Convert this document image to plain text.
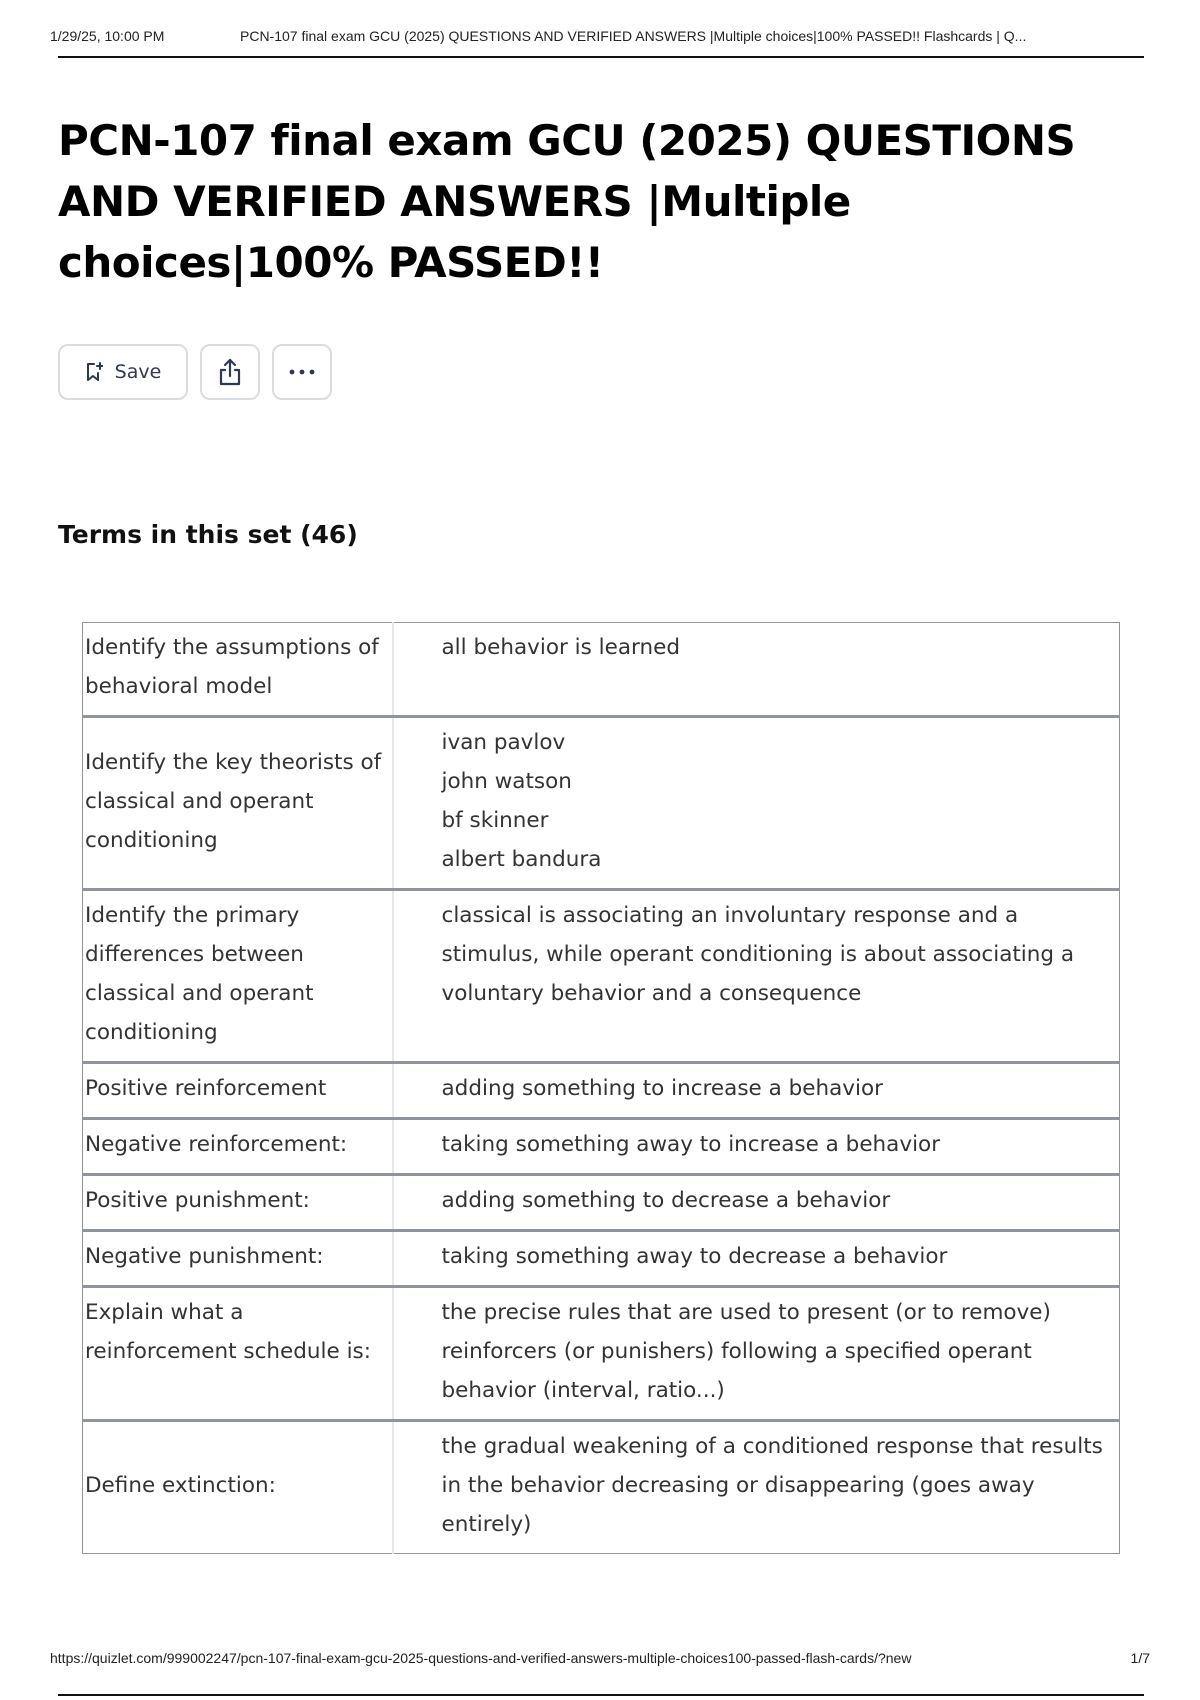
1/29/25, 10:00 PM	PCN-107 final exam GCU (2025) QUESTIONS AND VERIFIED ANSWERS |Multiple choices|100% PASSED!! Flashcards | Q...
PCN-107 final exam GCU (2025) QUESTIONS AND VERIFIED ANSWERS |Multiple choices|100% PASSED!!
Save
Terms in this set (46)
Identify the assumptions of behavioral model	all behavior is learned

Identify the key theorists of classical and operant conditioning	ivan pavlov
john watson
bf skinner
albert bandura

Identify the primary differences between classical and operant conditioning	classical is associating an involuntary response and a stimulus, while operant conditioning is about associating a voluntary behavior and a consequence

Positive reinforcement	adding something to increase a behavior

Negative reinforcement:	taking something away to increase a behavior

Positive punishment:	adding something to decrease a behavior

Negative punishment:	taking something away to decrease a behavior

Explain what a reinforcement schedule is:	the precise rules that are used to present (or to remove) reinforcers (or punishers) following a specified operant behavior (interval, ratio...)

Define extinction:	the gradual weakening of a conditioned response that results in the behavior decreasing or disappearing (goes away entirely)
https://quizlet.com/999002247/pcn-107-final-exam-gcu-2025-questions-and-verified-answers-multiple-choices100-passed-flash-cards/?new	1/7
